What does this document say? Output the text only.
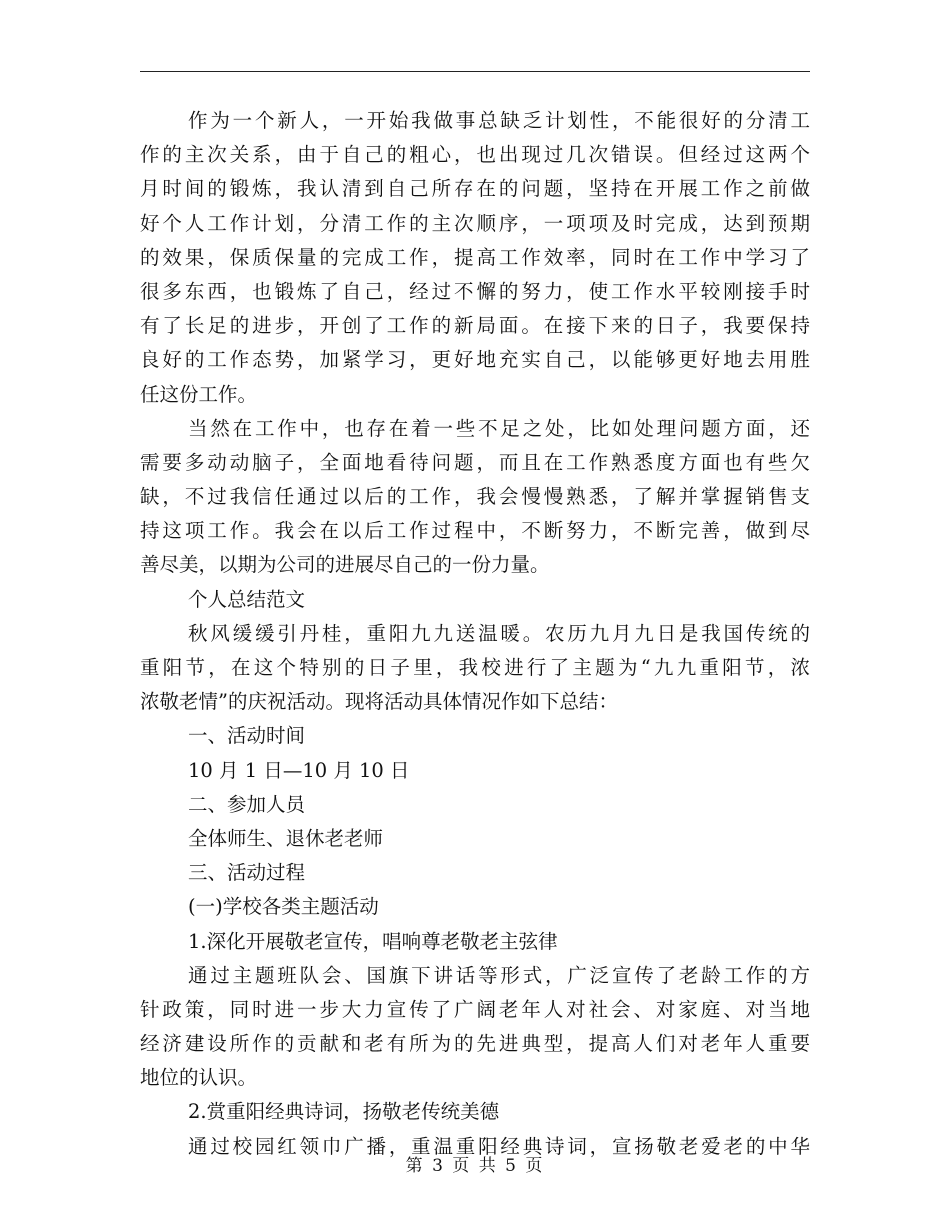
作为一个新人，一开始我做事总缺乏计划性，不能很好的分清工
作的主次关系，由于自己的粗心，也出现过几次错误。但经过这两个
月时间的锻炼，我认清到自己所存在的问题，坚持在开展工作之前做
好个人工作计划，分清工作的主次顺序，一项项及时完成，达到预期
的效果，保质保量的完成工作，提高工作效率，同时在工作中学习了
很多东西，也锻炼了自己，经过不懈的努力，使工作水平较刚接手时
有了长足的进步，开创了工作的新局面。在接下来的日子，我要保持
良好的工作态势，加紧学习，更好地充实自己，以能够更好地去用胜
任这份工作。
当然在工作中，也存在着一些不足之处，比如处理问题方面，还
需要多动动脑子，全面地看待问题，而且在工作熟悉度方面也有些欠
缺，不过我信任通过以后的工作，我会慢慢熟悉，了解并掌握销售支
持这项工作。我会在以后工作过程中，不断努力，不断完善，做到尽
善尽美，以期为公司的进展尽自己的一份力量。
个人总结范文
秋风缓缓引丹桂，重阳九九送温暖。农历九月九日是我国传统的
重阳节，在这个特别的日子里，我校进行了主题为“九九重阳节，浓
浓敬老情”的庆祝活动。现将活动具体情况作如下总结：
一、活动时间
10 月 1 日—10 月 10 日
二、参加人员
全体师生、退休老老师
三、活动过程
(一)学校各类主题活动
1.深化开展敬老宣传，唱响尊老敬老主弦律
通过主题班队会、国旗下讲话等形式，广泛宣传了老龄工作的方
针政策，同时进一步大力宣传了广阔老年人对社会、对家庭、对当地
经济建设所作的贡献和老有所为的先进典型，提高人们对老年人重要
地位的认识。
2.赏重阳经典诗词，扬敬老传统美德
通过校园红领巾广播，重温重阳经典诗词，宣扬敬老爱老的中华
第 3 页 共 5 页
